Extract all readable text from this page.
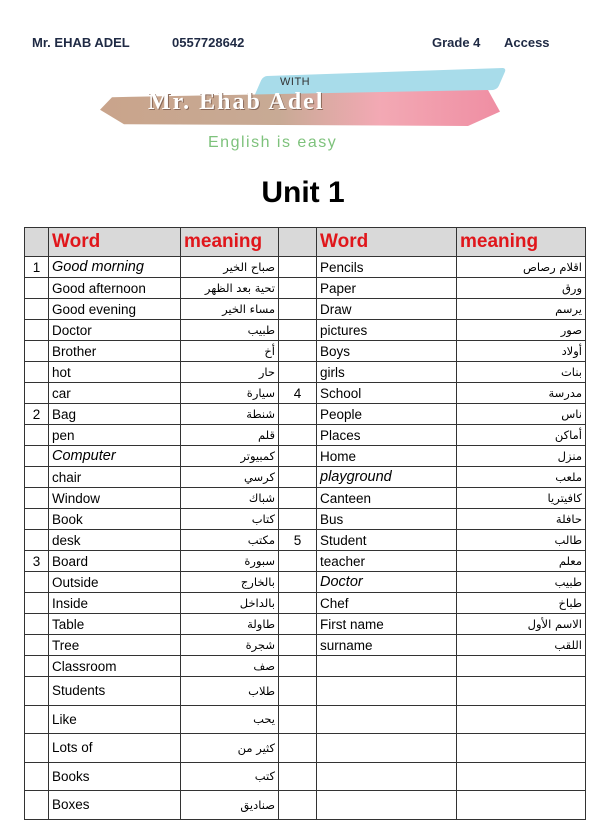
Mr. EHAB ADEL	0557728642	Grade 4 Access
WITH
Mr. Ehab Adel
English is easy
Unit 1
	Word	meaning		Word	meaning
1	Good morning	صباح الخير		Pencils	اقلام رصاص
	Good afternoon	تحية بعد الظهر		Paper	ورق
	Good evening	مساء الخير		Draw	يرسم
	Doctor	طبيب		pictures	صور
	Brother	أخ		Boys	أولاد
	hot	حار		girls	بنات
	car	سيارة	4	School	مدرسة
2	Bag	شنطة		People	ناس
	pen	قلم		Places	أماكن
	Computer	كمبيوتر		Home	منزل
	chair	كرسي		playground	ملعب
	Window	شباك		Canteen	كافيتريا
	Book	كتاب		Bus	حافلة
	desk	مكتب	5	Student	طالب
3	Board	سبورة		teacher	معلم
	Outside	بالخارج		Doctor	طبيب
	Inside	بالداخل		Chef	طباخ
	Table	طاولة		First name	الاسم الأول
	Tree	شجرة		surname	اللقب
	Classroom	صف			
	Students	طلاب			
	Like	يحب			
	Lots of	كثير من			
	Books	كتب			
	Boxes	صناديق			
